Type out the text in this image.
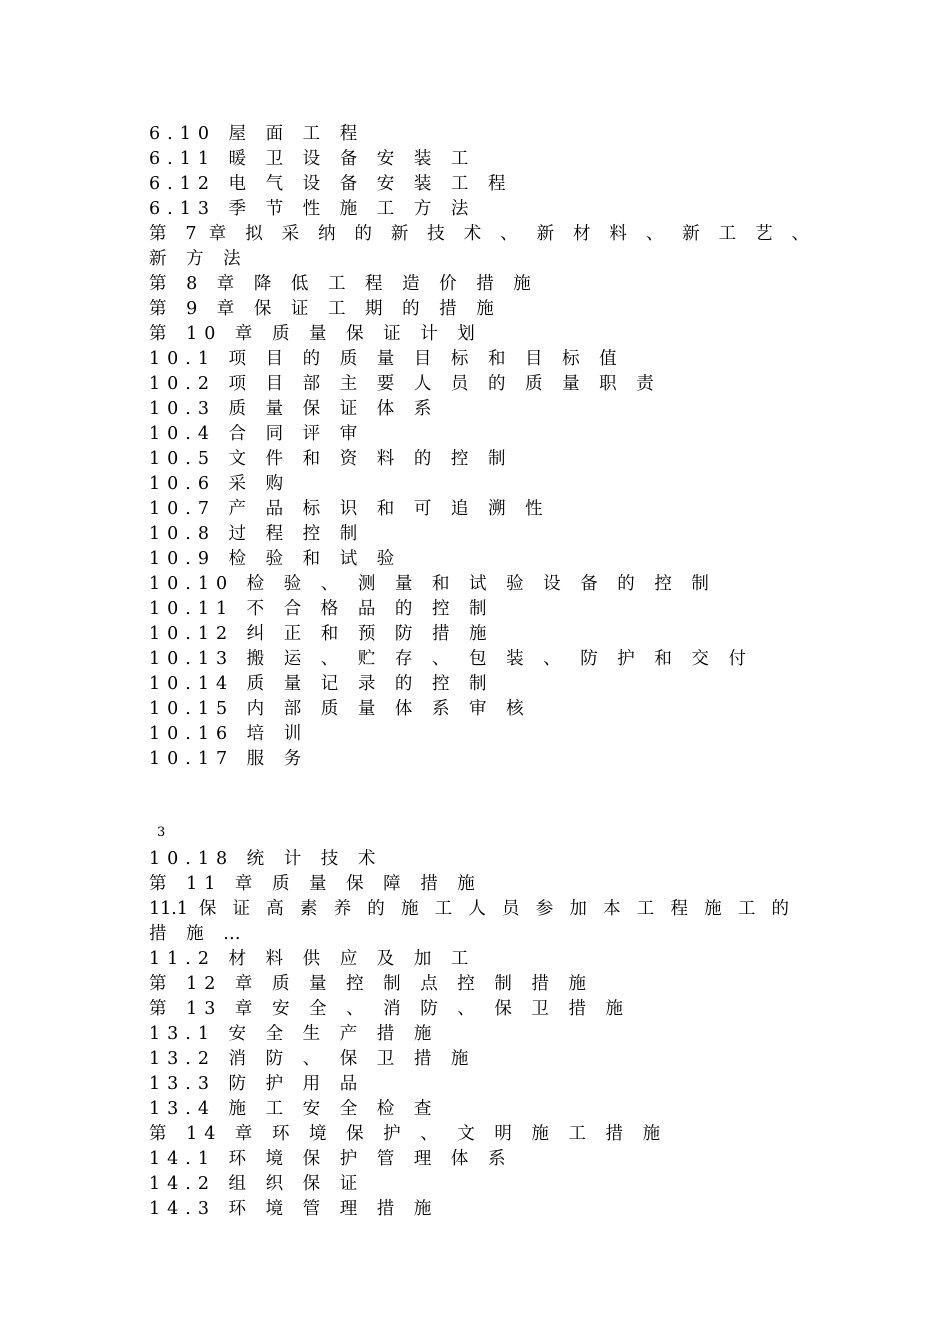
6.10 屋 面 工 程
6.11 暖 卫 设 备 安 装 工
6.12 电 气 设 备 安 装 工 程
6.13 季 节 性 施 工 方 法
第 7 章 拟 采 纳 的 新 技 术 、 新 材 料 、 新 工 艺 、
新 方 法
第 8 章 降 低 工 程 造 价 措 施
第 9 章 保 证 工 期 的 措 施
第 10 章 质 量 保 证 计 划
10.1 项 目 的 质 量 目 标 和 目 标 值
10.2 项 目 部 主 要 人 员 的 质 量 职 责
10.3 质 量 保 证 体 系
10.4 合 同 评 审
10.5 文 件 和 资 料 的 控 制
10.6 采 购
10.7 产 品 标 识 和 可 追 溯 性
10.8 过 程 控 制
10.9 检 验 和 试 验
10.10 检 验 、 测 量 和 试 验 设 备 的 控 制
10.11 不 合 格 品 的 控 制
10.12 纠 正 和 预 防 措 施
10.13 搬 运 、 贮 存 、 包 装 、 防 护 和 交 付
10.14 质 量 记 录 的 控 制
10.15 内 部 质 量 体 系 审 核
10.16 培 训
10.17 服 务
3
10.18 统 计 技 术
第 11 章 质 量 保 障 措 施
11.1 保 证 高 素 养 的 施 工 人 员 参 加 本 工 程 施 工 的
措 施 …
11.2 材 料 供 应 及 加 工
第 12 章 质 量 控 制 点 控 制 措 施
第 13 章 安 全 、 消 防 、 保 卫 措 施
13.1 安 全 生 产 措 施
13.2 消 防 、 保 卫 措 施
13.3 防 护 用 品
13.4 施 工 安 全 检 查
第 14 章 环 境 保 护 、 文 明 施 工 措 施
14.1 环 境 保 护 管 理 体 系
14.2 组 织 保 证
14.3 环 境 管 理 措 施
